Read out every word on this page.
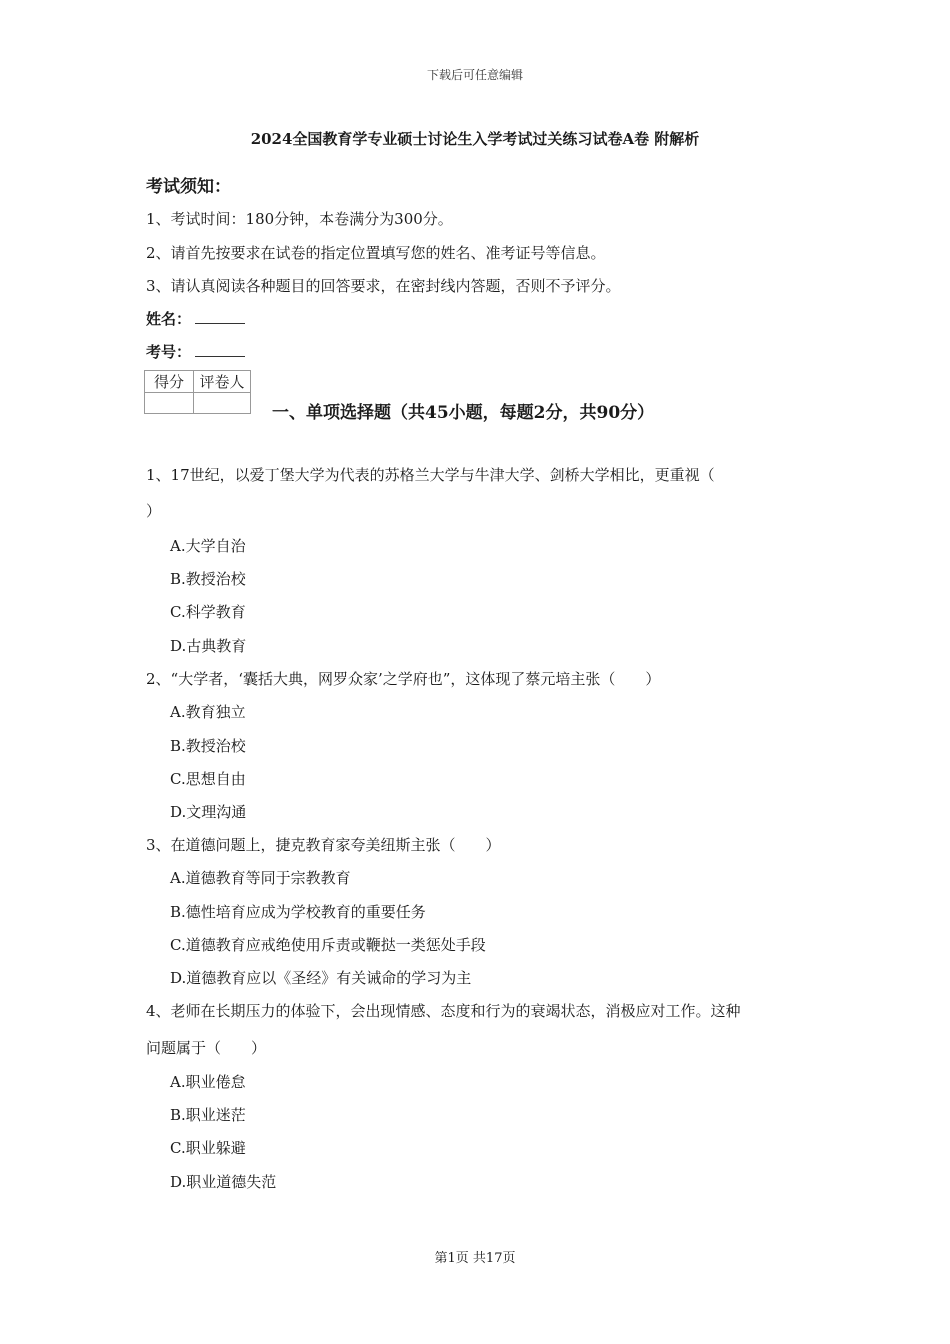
下载后可任意编辑
2024全国教育学专业硕士讨论生入学考试过关练习试卷A卷 附解析
考试须知：
1、考试时间：180分钟，本卷满分为300分。
2、请首先按要求在试卷的指定位置填写您的姓名、准考证号等信息。
3、请认真阅读各种题目的回答要求，在密封线内答题，否则不予评分。
姓名：
考号：
得分	评卷人

一、单项选择题（共45小题，每题2分，共90分）
1、17世纪，以爱丁堡大学为代表的苏格兰大学与牛津大学、剑桥大学相比，更重视（
）
A.大学自治
B.教授治校
C.科学教育
D.古典教育
2、“大学者，‘囊括大典，网罗众家’之学府也”，这体现了蔡元培主张（　　）
A.教育独立
B.教授治校
C.思想自由
D.文理沟通
3、在道德问题上，捷克教育家夸美纽斯主张（　　）
A.道德教育等同于宗教教育
B.德性培育应成为学校教育的重要任务
C.道德教育应戒绝使用斥责或鞭挞一类惩处手段
D.道德教育应以《圣经》有关诫命的学习为主
4、老师在长期压力的体验下，会出现情感、态度和行为的衰竭状态，消极应对工作。这种
问题属于（　　）
A.职业倦怠
B.职业迷茫
C.职业躲避
D.职业道德失范
第1页 共17页
